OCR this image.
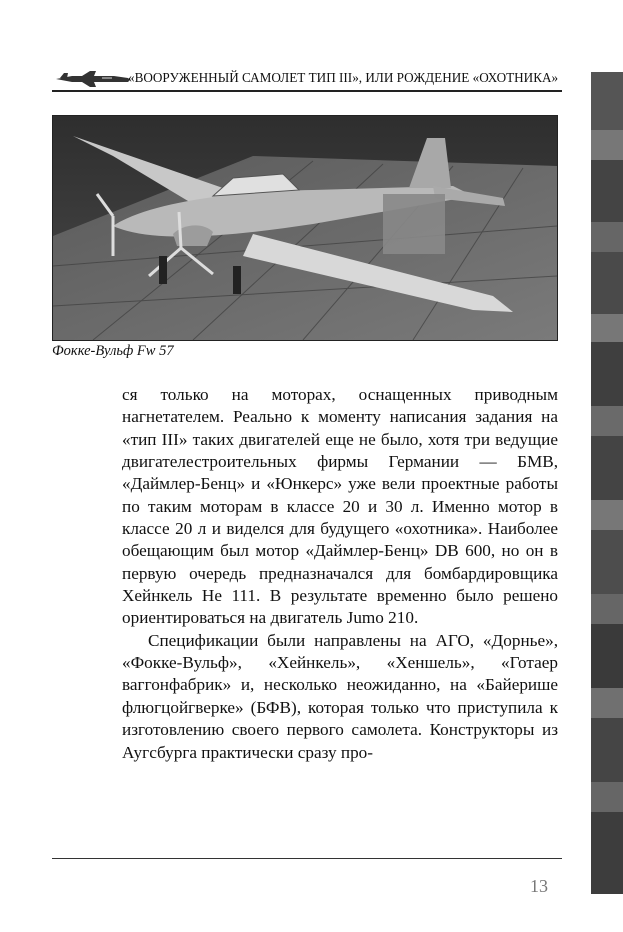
«ВООРУЖЕННЫЙ САМОЛЕТ ТИП III», ИЛИ РОЖДЕНИЕ «ОХОТНИКА»
Фокке-Вульф Fw 57

ся только на моторах, оснащенных приводным нагнетателем. Реально к моменту написания задания на «тип III» таких двигателей еще не было, хотя три ведущие двигателестроительных фирмы Германии — БМВ, «Даймлер-Бенц» и «Юнкерс» уже вели проектные работы по таким моторам в классе 20 и 30 л. Именно мотор в классе 20 л и виделся для будущего «охотника». Наиболее обещающим был мотор «Даймлер-Бенц» DB 600, но он в первую очередь предназначался для бомбардировщика Хейнкель He 111. В результате временно было решено ориентироваться на двигатель Jumo 210.

Спецификации были направлены на АГО, «Дорнье», «Фокке-Вульф», «Хейнкель», «Хеншель», «Готаер ваггонфабрик» и, несколько неожиданно, на «Байерише флюгцойгверке» (БФВ), которая только что приступила к изготовлению своего первого самолета. Конструкторы из Аугсбурга практически сразу про-

13
